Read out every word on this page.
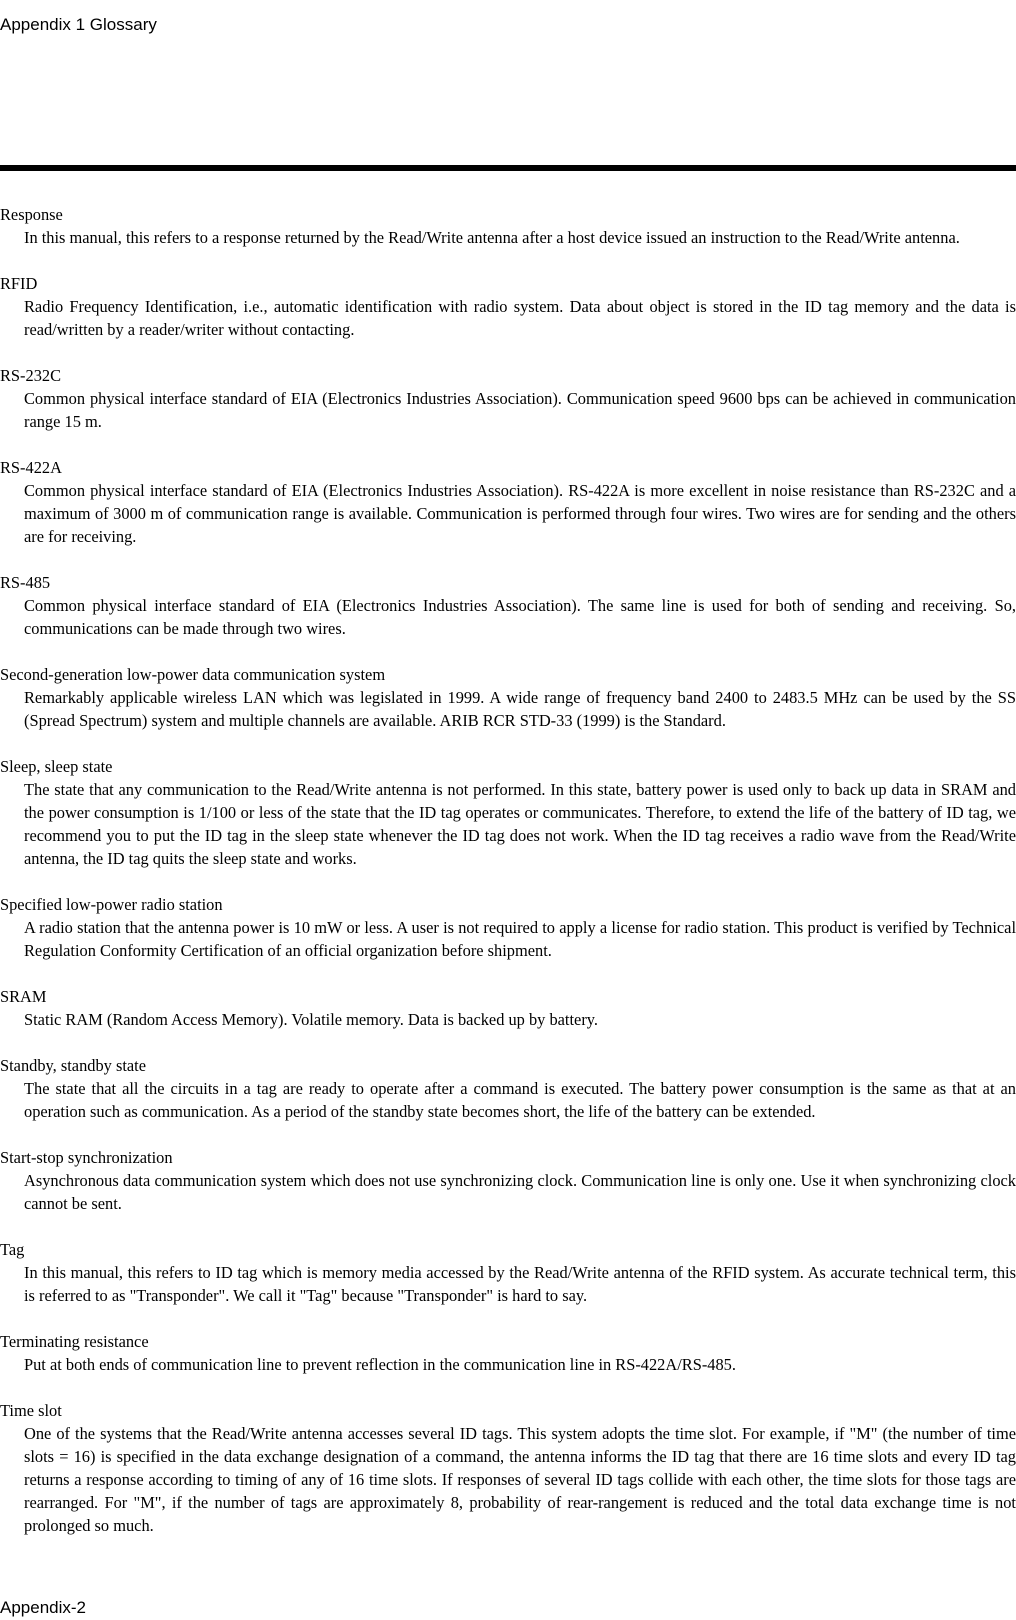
Appendix 1 Glossary
Response
In this manual, this refers to a response returned by the Read/Write antenna after a host device issued an instruction to the Read/Write antenna.
RFID
Radio Frequency Identification, i.e., automatic identification with radio system. Data about object is stored in the ID tag memory and the data is read/written by a reader/writer without contacting.
RS-232C
Common physical interface standard of EIA (Electronics Industries Association). Communication speed 9600 bps can be achieved in communication range 15 m.
RS-422A
Common physical interface standard of EIA (Electronics Industries Association). RS-422A is more excellent in noise resistance than RS-232C and a maximum of 3000 m of communication range is available. Communication is performed through four wires. Two wires are for sending and the others are for receiving.
RS-485
Common physical interface standard of EIA (Electronics Industries Association). The same line is used for both of sending and receiving. So, communications can be made through two wires.
Second-generation low-power data communication system
Remarkably applicable wireless LAN which was legislated in 1999. A wide range of frequency band 2400 to 2483.5 MHz can be used by the SS (Spread Spectrum) system and multiple channels are available. ARIB RCR STD-33 (1999) is the Standard.
Sleep, sleep state
The state that any communication to the Read/Write antenna is not performed. In this state, battery power is used only to back up data in SRAM and the power consumption is 1/100 or less of the state that the ID tag operates or communicates. Therefore, to extend the life of the battery of ID tag, we recommend you to put the ID tag in the sleep state whenever the ID tag does not work. When the ID tag receives a radio wave from the Read/Write antenna, the ID tag quits the sleep state and works.
Specified low-power radio station
A radio station that the antenna power is 10 mW or less. A user is not required to apply a license for radio station. This product is verified by Technical Regulation Conformity Certification of an official organization before shipment.
SRAM
Static RAM (Random Access Memory). Volatile memory. Data is backed up by battery.
Standby, standby state
The state that all the circuits in a tag are ready to operate after a command is executed. The battery power consumption is the same as that at an operation such as communication. As a period of the standby state becomes short, the life of the battery can be extended.
Start-stop synchronization
Asynchronous data communication system which does not use synchronizing clock. Communication line is only one. Use it when synchronizing clock cannot be sent.
Tag
In this manual, this refers to ID tag which is memory media accessed by the Read/Write antenna of the RFID system. As accurate technical term, this is referred to as "Transponder". We call it "Tag" because "Transponder" is hard to say.
Terminating resistance
Put at both ends of communication line to prevent reflection in the communication line in RS-422A/RS-485.
Time slot
One of the systems that the Read/Write antenna accesses several ID tags. This system adopts the time slot. For example, if "M" (the number of time slots = 16) is specified in the data exchange designation of a command, the antenna informs the ID tag that there are 16 time slots and every ID tag returns a response according to timing of any of 16 time slots. If responses of several ID tags collide with each other, the time slots for those tags are rearranged. For "M", if the number of tags are approximately 8, probability of rear-rangement is reduced and the total data exchange time is not prolonged so much.
Appendix-2
